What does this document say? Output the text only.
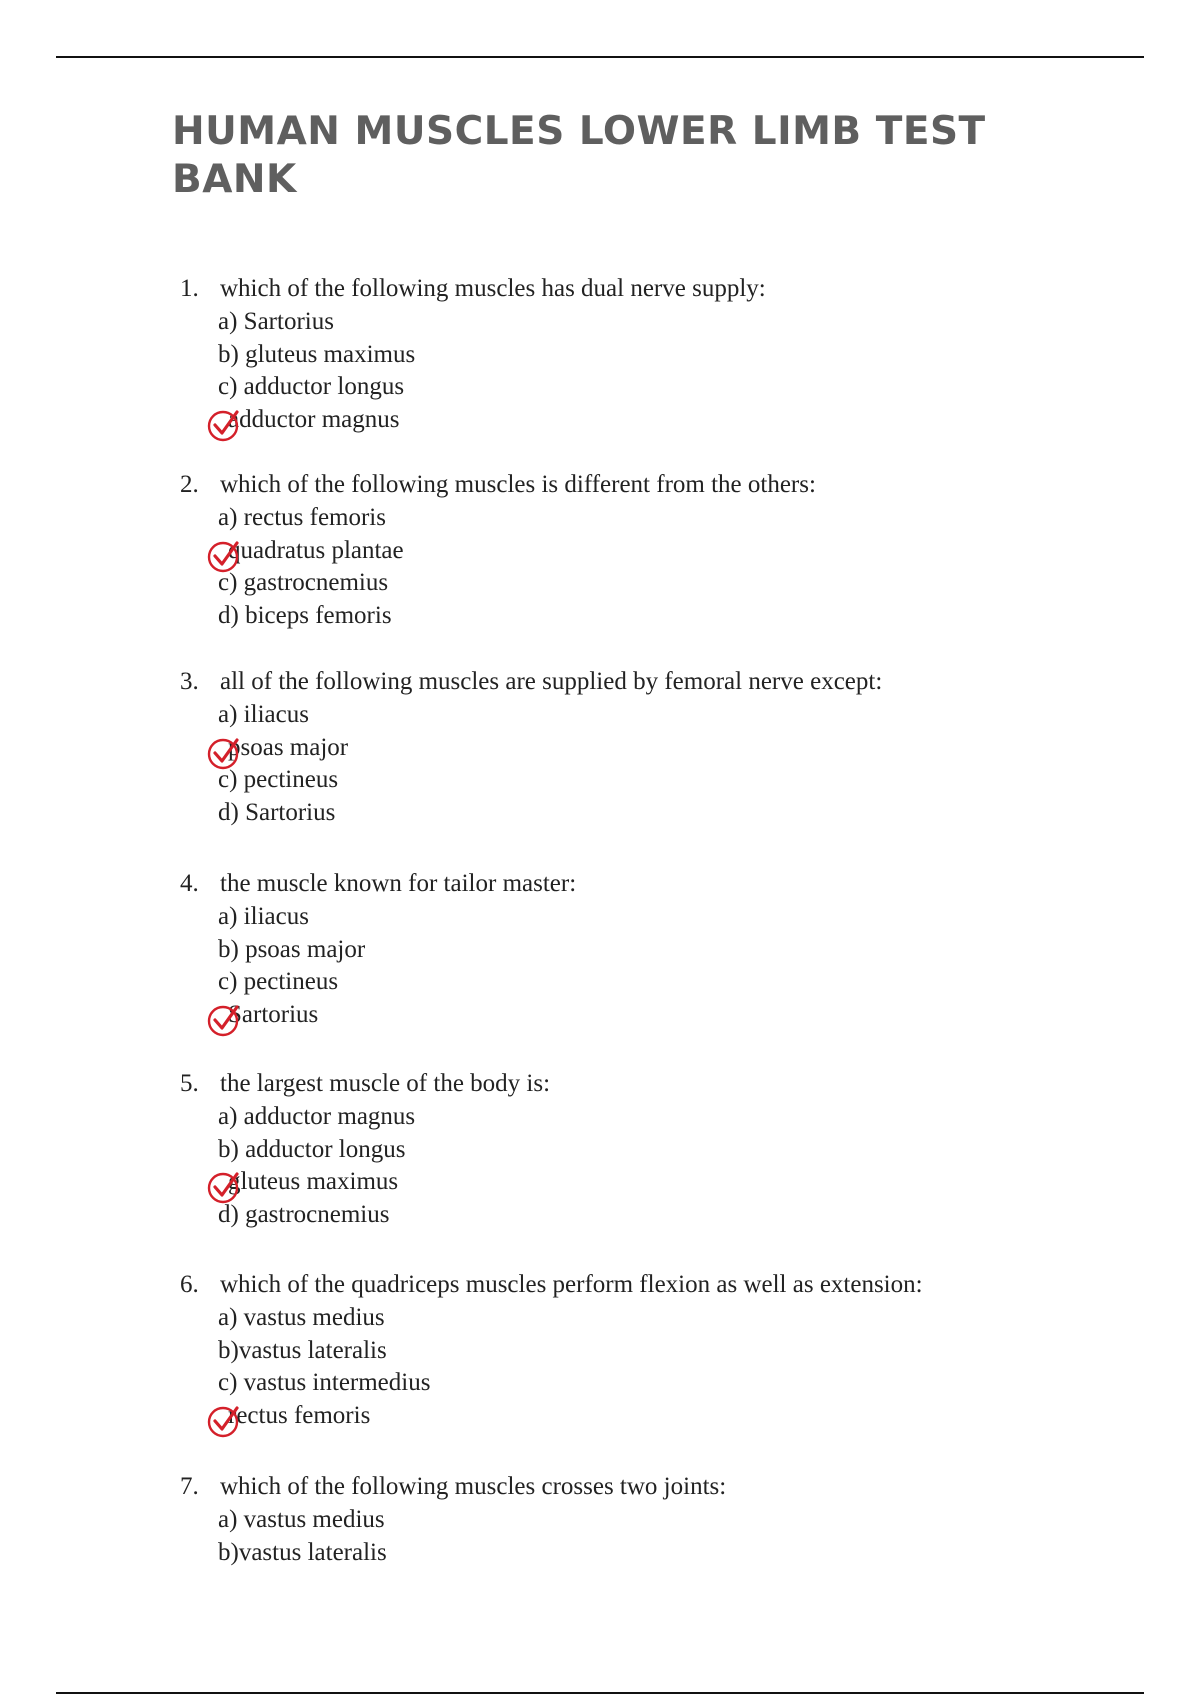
HUMAN MUSCLES LOWER LIMB TEST BANK
1. which of the following muscles has dual nerve supply:
a) Sartorius
b) gluteus maximus
c) adductor longus
adductor magnus
2. which of the following muscles is different from the others:
a) rectus femoris
quadratus plantae
c) gastrocnemius
d) biceps femoris
3. all of the following muscles are supplied by femoral nerve except:
a) iliacus
psoas major
c) pectineus
d) Sartorius
4. the muscle known for tailor master:
a) iliacus
b) psoas major
c) pectineus
Sartorius
5. the largest muscle of the body is:
a) adductor magnus
b) adductor longus
gluteus maximus
d) gastrocnemius
6. which of the quadriceps muscles perform flexion as well as extension:
a) vastus medius
b)vastus lateralis
c) vastus intermedius
rectus femoris
7. which of the following muscles crosses two joints:
a) vastus medius
b)vastus lateralis
